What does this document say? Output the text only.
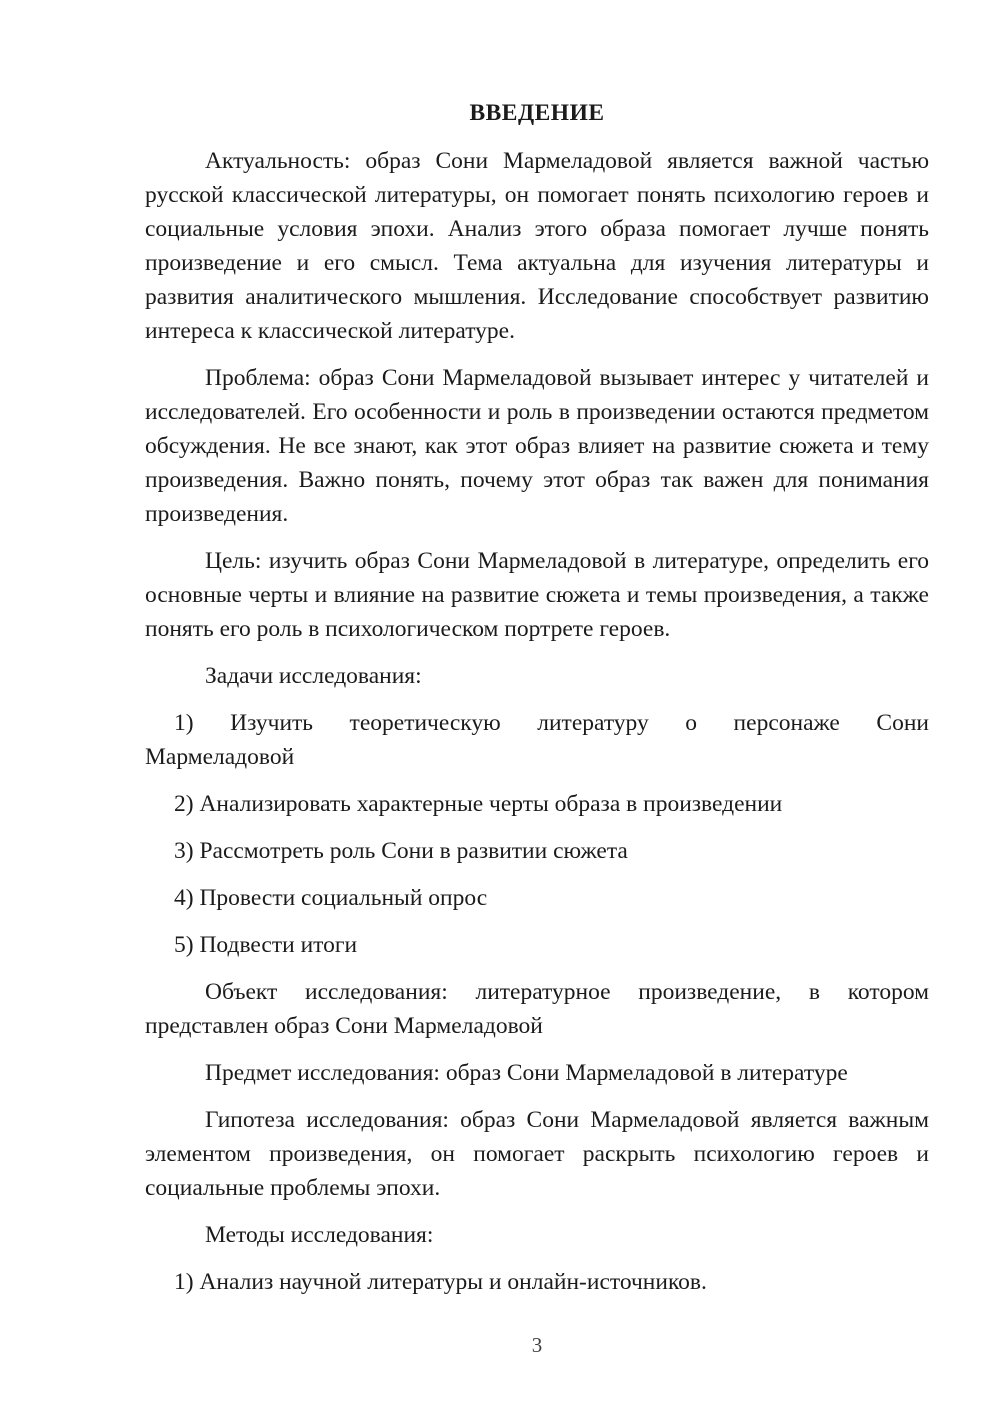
ВВЕДЕНИЕ

Актуальность: образ Сони Мармеладовой является важной частью русской классической литературы, он помогает понять психологию героев и социальные условия эпохи. Анализ этого образа помогает лучше понять произведение и его смысл. Тема актуальна для изучения литературы и развития аналитического мышления. Исследование способствует развитию интереса к классической литературе.

Проблема: образ Сони Мармеладовой вызывает интерес у читателей и исследователей. Его особенности и роль в произведении остаются предметом обсуждения. Не все знают, как этот образ влияет на развитие сюжета и тему произведения. Важно понять, почему этот образ так важен для понимания произведения.

Цель: изучить образ Сони Мармеладовой в литературе, определить его основные черты и влияние на развитие сюжета и темы произведения, а также понять его роль в психологическом портрете героев.

Задачи исследования:

1) Изучить теоретическую литературу о персонаже Сони
Мармеладовой

2) Анализировать характерные черты образа в произведении

3) Рассмотреть роль Сони в развитии сюжета

4) Провести социальный опрос

5) Подвести итоги

Объект исследования: литературное произведение, в котором представлен образ Сони Мармеладовой

Предмет исследования: образ Сони Мармеладовой в литературе

Гипотеза исследования: образ Сони Мармеладовой является важным элементом произведения, он помогает раскрыть психологию героев и социальные проблемы эпохи.

Методы исследования:

1) Анализ научной литературы и онлайн-источников.

3
